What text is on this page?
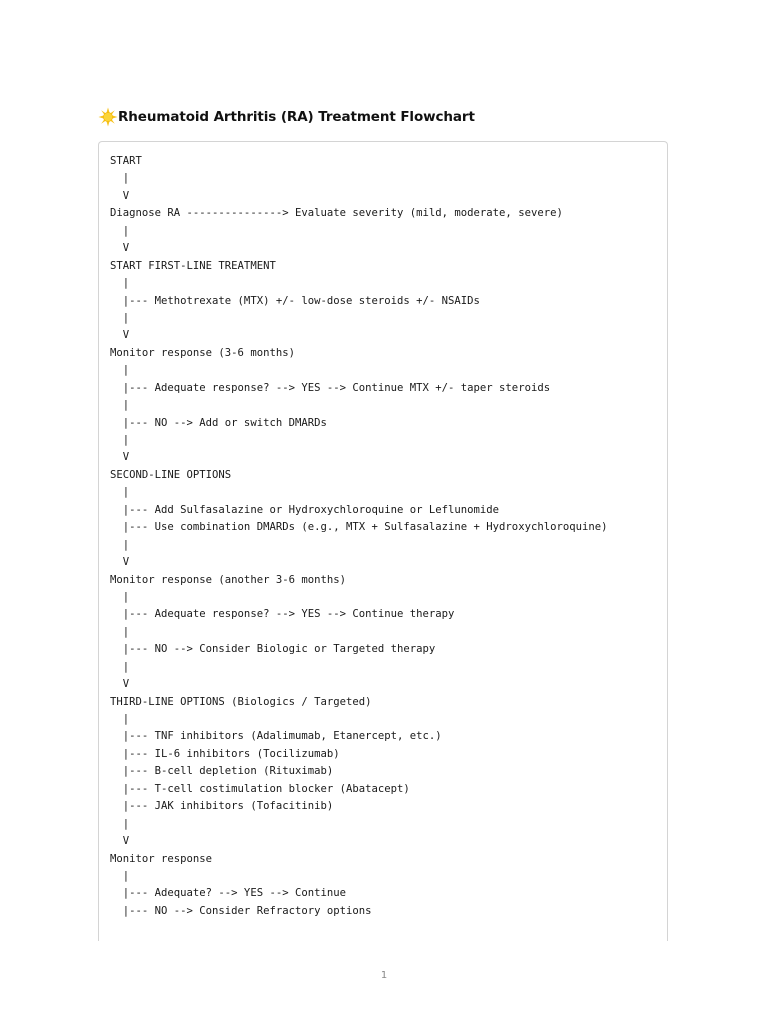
Rheumatoid Arthritis (RA) Treatment Flowchart
START
|
V
Diagnose RA ---------------> Evaluate severity (mild, moderate, severe)
|
V
START FIRST-LINE TREATMENT
|
|--- Methotrexate (MTX) +/- low-dose steroids +/- NSAIDs
|
V
Monitor response (3-6 months)
|
|--- Adequate response? --> YES --> Continue MTX +/- taper steroids
|
|--- NO --> Add or switch DMARDs
|
V
SECOND-LINE OPTIONS
|
|--- Add Sulfasalazine or Hydroxychloroquine or Leflunomide
|--- Use combination DMARDs (e.g., MTX + Sulfasalazine + Hydroxychloroquine)
|
V
Monitor response (another 3-6 months)
|
|--- Adequate response? --> YES --> Continue therapy
|
|--- NO --> Consider Biologic or Targeted therapy
|
V
THIRD-LINE OPTIONS (Biologics / Targeted)
|
|--- TNF inhibitors (Adalimumab, Etanercept, etc.)
|--- IL-6 inhibitors (Tocilizumab)
|--- B-cell depletion (Rituximab)
|--- T-cell costimulation blocker (Abatacept)
|--- JAK inhibitors (Tofacitinib)
|
V
Monitor response
|
|--- Adequate? --> YES --> Continue
|--- NO --> Consider Refractory options
1
